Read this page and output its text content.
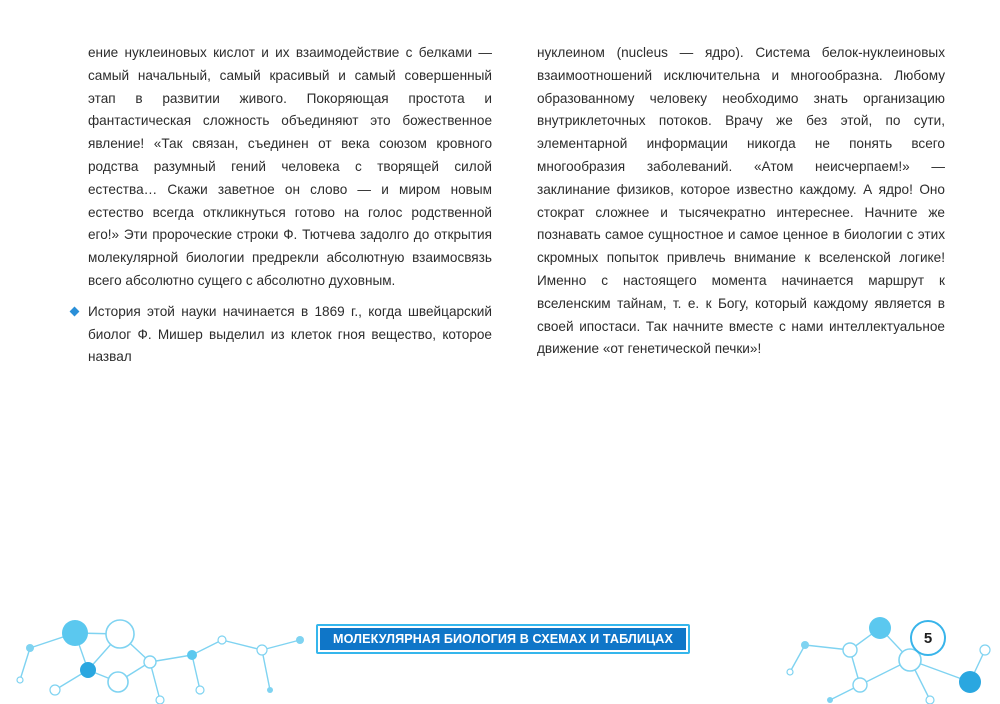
ение нуклеиновых кислот и их взаимодействие с белками — самый начальный, самый красивый и самый совершенный этап в развитии живого. Покоряющая простота и фантастическая сложность объединяют это божественное явление! «Так связан, съединен от века союзом кровного родства разумный гений человека с творящей силой естества… Скажи заветное он слово — и миром новым естество всегда откликнуться готово на голос родственной его!» Эти пророческие строки Ф. Тютчева задолго до открытия молекулярной биологии предрекли абсолютную взаимосвязь всего абсолютно сущего с абсолютно духовным.

История этой науки начинается в 1869 г., когда швейцарский биолог Ф. Мишер выделил из клеток гноя вещество, которое назвал

нуклеином (nucleus — ядро). Система белок-нуклеиновых взаимоотношений исключительна и многообразна. Любому образованному человеку необходимо знать организацию внутриклеточных потоков. Врачу же без этой, по сути, элементарной информации никогда не понять всего многообразия заболеваний. «Атом неисчерпаем!» — заклинание физиков, которое известно каждому. А ядро! Оно стократ сложнее и тысячекратно интереснее. Начните же познавать самое сущностное и самое ценное в биологии с этих скромных попыток привлечь внимание к вселенской логике! Именно с настоящего момента начинается маршрут к вселенским тайнам, т. е. к Богу, который каждому является в своей ипостаси. Так начните вместе с нами интеллектуальное движение «от генетической печки»!

МОЛЕКУЛЯРНАЯ БИОЛОГИЯ В СХЕМАХ И ТАБЛИЦАХ	5
